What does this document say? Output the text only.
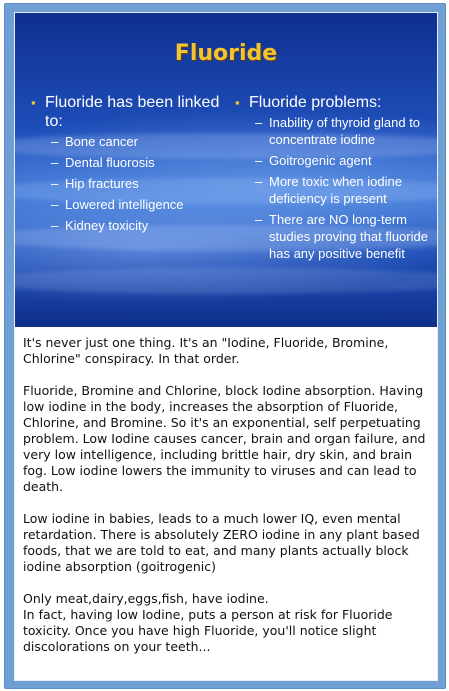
Fluoride
▪ Fluoride has been linked to:
– Bone cancer
– Dental fluorosis
– Hip fractures
– Lowered intelligence
– Kidney toxicity
▪ Fluoride problems:
– Inability of thyroid gland to concentrate iodine
– Goitrogenic agent
– More toxic when iodine deficiency is present
– There are NO long-term studies proving that fluoride has any positive benefit

It's never just one thing. It's an "Iodine, Fluoride, Bromine, Chlorine" conspiracy. In that order.

Fluoride, Bromine and Chlorine, block Iodine absorption. Having low iodine in the body, increases the absorption of Fluoride, Chlorine, and Bromine. So it's an exponential, self perpetuating problem. Low Iodine causes cancer, brain and organ failure, and very low intelligence, including brittle hair, dry skin, and brain fog. Low iodine lowers the immunity to viruses and can lead to death.

Low iodine in babies, leads to a much lower IQ, even mental retardation. There is absolutely ZERO iodine in any plant based foods, that we are told to eat, and many plants actually block iodine absorption (goitrogenic)

Only meat,dairy,eggs,fish, have iodine.

In fact, having low Iodine, puts a person at risk for Fluoride toxicity. Once you have high Fluoride, you'll notice slight discolorations on your teeth...
